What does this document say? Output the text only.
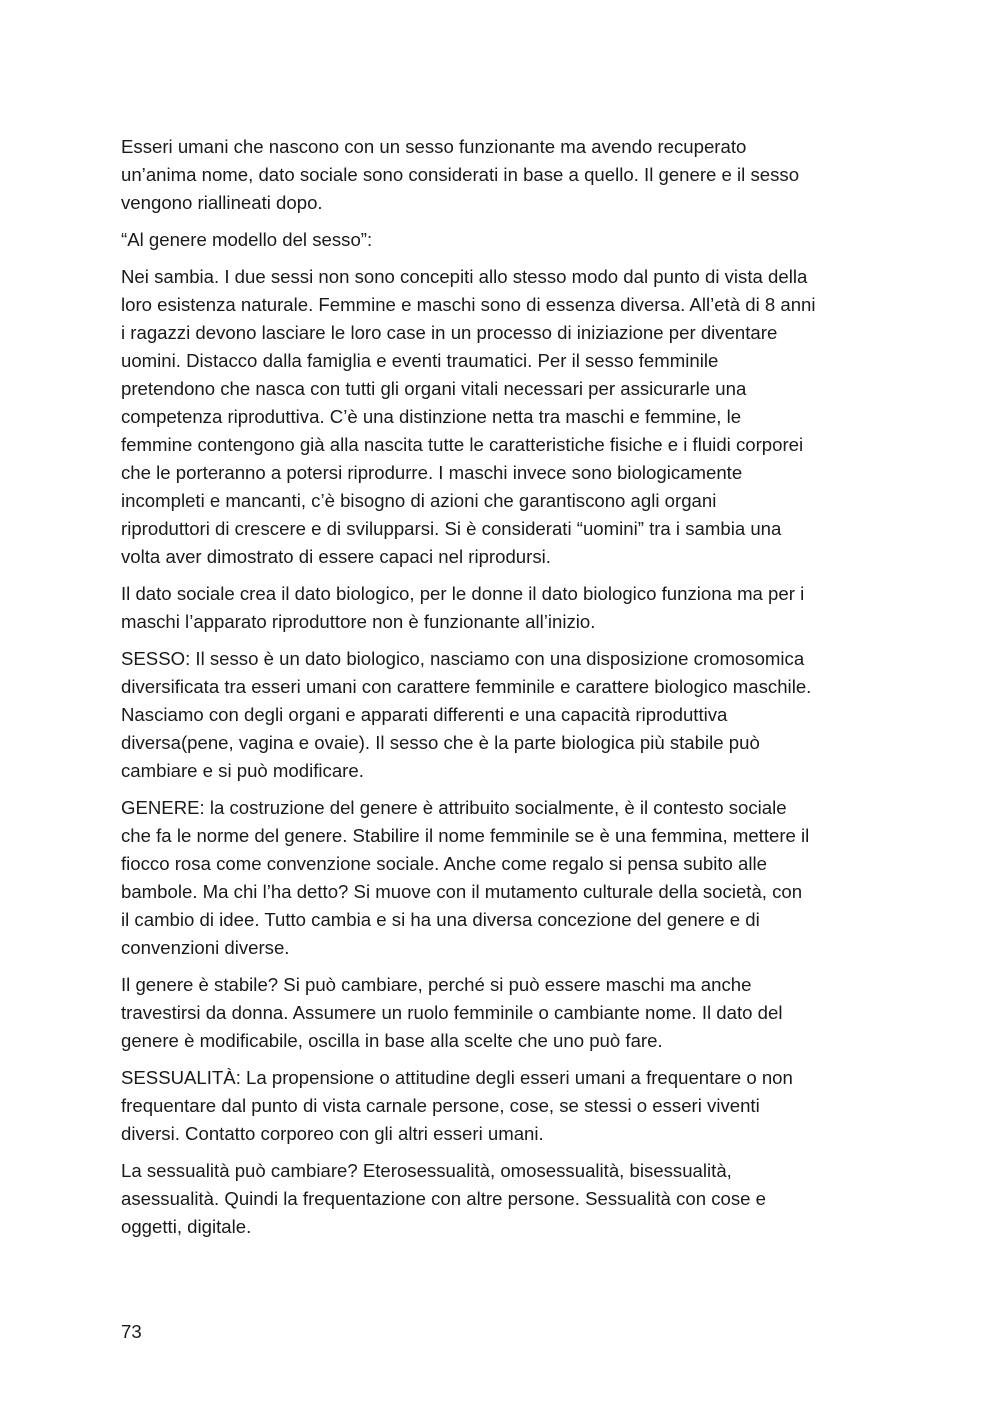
Esseri umani che nascono con un sesso funzionante ma avendo recuperato
un’anima nome, dato sociale sono considerati in base a quello. Il genere e il sesso
vengono riallineati dopo.

“Al genere modello del sesso”:

Nei sambia. I due sessi non sono concepiti allo stesso modo dal punto di vista della
loro esistenza naturale. Femmine e maschi sono di essenza diversa. All’età di 8 anni
i ragazzi devono lasciare le loro case in un processo di iniziazione per diventare
uomini. Distacco dalla famiglia e eventi traumatici. Per il sesso femminile
pretendono che nasca con tutti gli organi vitali necessari per assicurarle una
competenza riproduttiva. C’è una distinzione netta tra maschi e femmine, le
femmine contengono già alla nascita tutte le caratteristiche fisiche e i fluidi corporei
che le porteranno a potersi riprodurre. I maschi invece sono biologicamente
incompleti e mancanti, c’è bisogno di azioni che garantiscono agli organi
riproduttori di crescere e di svilupparsi. Si è considerati “uomini” tra i sambia una
volta aver dimostrato di essere capaci nel riprodursi.

Il dato sociale crea il dato biologico, per le donne il dato biologico funziona ma per i
maschi l’apparato riproduttore non è funzionante all’inizio.

SESSO: Il sesso è un dato biologico, nasciamo con una disposizione cromosomica
diversificata tra esseri umani con carattere femminile e carattere biologico maschile.
Nasciamo con degli organi e apparati differenti e una capacità riproduttiva
diversa(pene, vagina e ovaie). Il sesso che è la parte biologica più stabile può
cambiare e si può modificare.

GENERE: la costruzione del genere è attribuito socialmente, è il contesto sociale
che fa le norme del genere. Stabilire il nome femminile se è una femmina, mettere il
fiocco rosa come convenzione sociale. Anche come regalo si pensa subito alle
bambole. Ma chi l’ha detto? Si muove con il mutamento culturale della società, con
il cambio di idee. Tutto cambia e si ha una diversa concezione del genere e di
convenzioni diverse.

Il genere è stabile? Si può cambiare, perché si può essere maschi ma anche
travestirsi da donna. Assumere un ruolo femminile o cambiante nome. Il dato del
genere è modificabile, oscilla in base alla scelte che uno può fare.

SESSUALITÀ: La propensione o attitudine degli esseri umani a frequentare o non
frequentare dal punto di vista carnale persone, cose, se stessi o esseri viventi
diversi. Contatto corporeo con gli altri esseri umani.

La sessualità può cambiare? Eterosessualità, omosessualità, bisessualità,
asessualità. Quindi la frequentazione con altre persone. Sessualità con cose e
oggetti, digitale.

73
